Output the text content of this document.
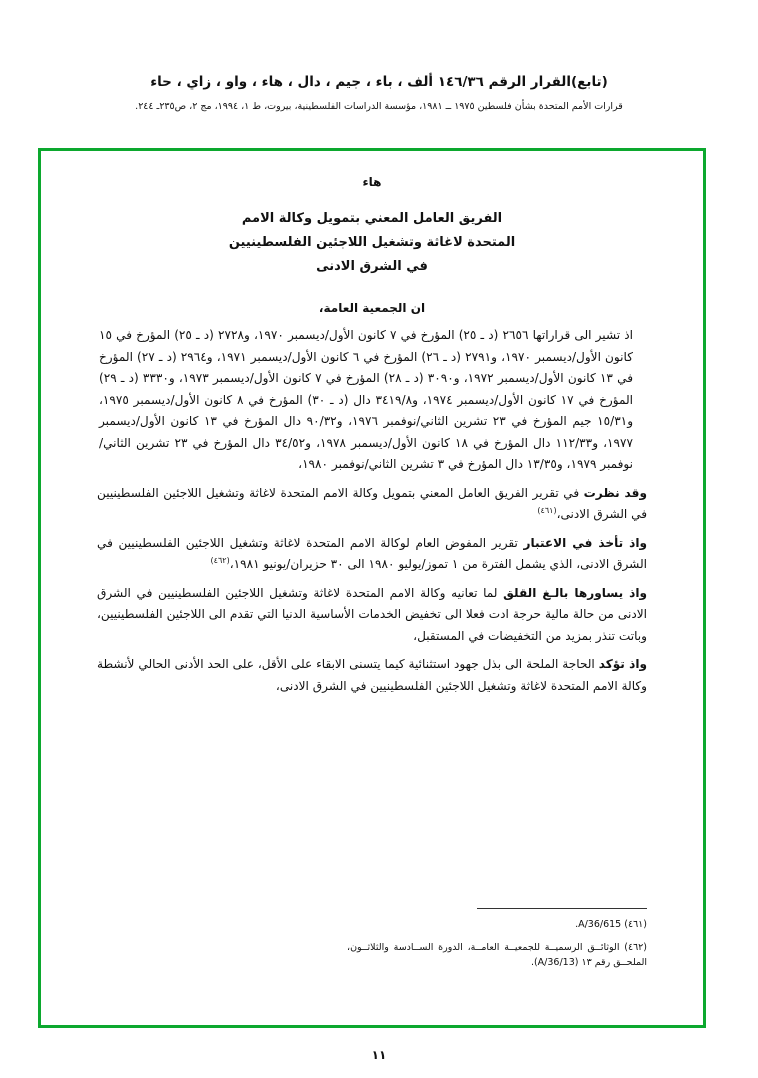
(تابع)القرار الرقم ١٤٦/٣٦ ألف ، باء ، جيم ، دال ، هاء ، واو ، زاي ، حاء
قرارات الأمم المتحدة بشأن فلسطين ١٩٧٥ ــ ١٩٨١، مؤسسة الدراسات الفلسطينية، بيروت، ط ١، ١٩٩٤، مج ٢، ص٢٣٥ـ ٢٤٤.
هاء
الفريق العامل المعني بتمويل وكالة الامم
المتحدة لاغاثة وتشغيل اللاجئين الفلسطينيين
في الشرق الادنى
ان الجمعية العامة،

اذ تشير الى قراراتها ٢٦٥٦ (د ـ ٢٥) المؤرخ في ٧ كانون الأول/ديسمبر ١٩٧٠، و٢٧٢٨ (د ـ ٢٥) المؤرخ في ١٥ كانون الأول/ديسمبر ١٩٧٠، و٢٧٩١ (د ـ ٢٦) المؤرخ في ٦ كانون الأول/ديسمبر ١٩٧١، و٢٩٦٤ (د ـ ٢٧) المؤرخ في ١٣ كانون الأول/ديسمبر ١٩٧٢، و٣٠٩٠ (د ـ ٢٨) المؤرخ في ٧ كانون الأول/ديسمبر ١٩٧٣، و٣٣٣٠ (د ـ ٢٩) المؤرخ في ١٧ كانون الأول/ديسمبر ١٩٧٤، و٣٤١٩/٨ دال (د ـ ٣٠) المؤرخ في ٨ كانون الأول/ديسمبر ١٩٧٥، و١٥/٣١ جيم المؤرخ في ٢٣ تشرين الثاني/نوفمبر ١٩٧٦، و٩٠/٣٢ دال المؤرخ في ١٣ كانون الأول/ديسمبر ١٩٧٧، و١١٢/٣٣ دال المؤرخ في ١٨ كانون الأول/ديسمبر ١٩٧٨، و٣٤/٥٢ دال المؤرخ في ٢٣ تشرين الثاني/نوفمبر ١٩٧٩، و١٣/٣٥ دال المؤرخ في ٣ تشرين الثاني/نوفمبر ١٩٨٠،

وقد نظرت في تقرير الفريق العامل المعني بتمويل وكالة الامم المتحدة لاغاثة وتشغيل اللاجئين الفلسطينيين في الشرق الادنى،$^{(٤٦١)}$

واذ تأخذ في الاعتبار تقرير المفوض العام لوكالة الامم المتحدة لاغاثة وتشغيل اللاجئين الفلسطينيين في الشرق الادنى، الذي يشمل الفترة من ١ تموز/يوليو ١٩٨٠ الى ٣٠ حزيران/يونيو ١٩٨١،$^{(٤٦٢)}$

واذ يساورها بالـغ القلق لما تعانيه وكالة الامم المتحدة لاغاثة وتشغيل اللاجئين الفلسطينيين في الشرق الادنى من حالة مالية حرجة ادت فعلا الى تخفيض الخدمات الأساسية الدنيا التي تقدم الى اللاجئين الفلسطينيين، وباتت تنذر بمزيد من التخفيضات في المستقبل،

واذ تؤكد الحاجة الملحة الى بذل جهود استثنائية كيما يتسنى الابقاء على الأقل، على الحد الأدنى الحالي لأنشطة وكالة الامم المتحدة لاغاثة وتشغيل اللاجئين الفلسطينيين في الشرق الادنى،

(٤٦١) A/36/615.
(٤٦٢) الوثائــق الرسميــة للجمعيــة العامــة، الدورة الســادسة والثلاثــون، الملحــق رقم ١٣ (A/36/13).
١١
